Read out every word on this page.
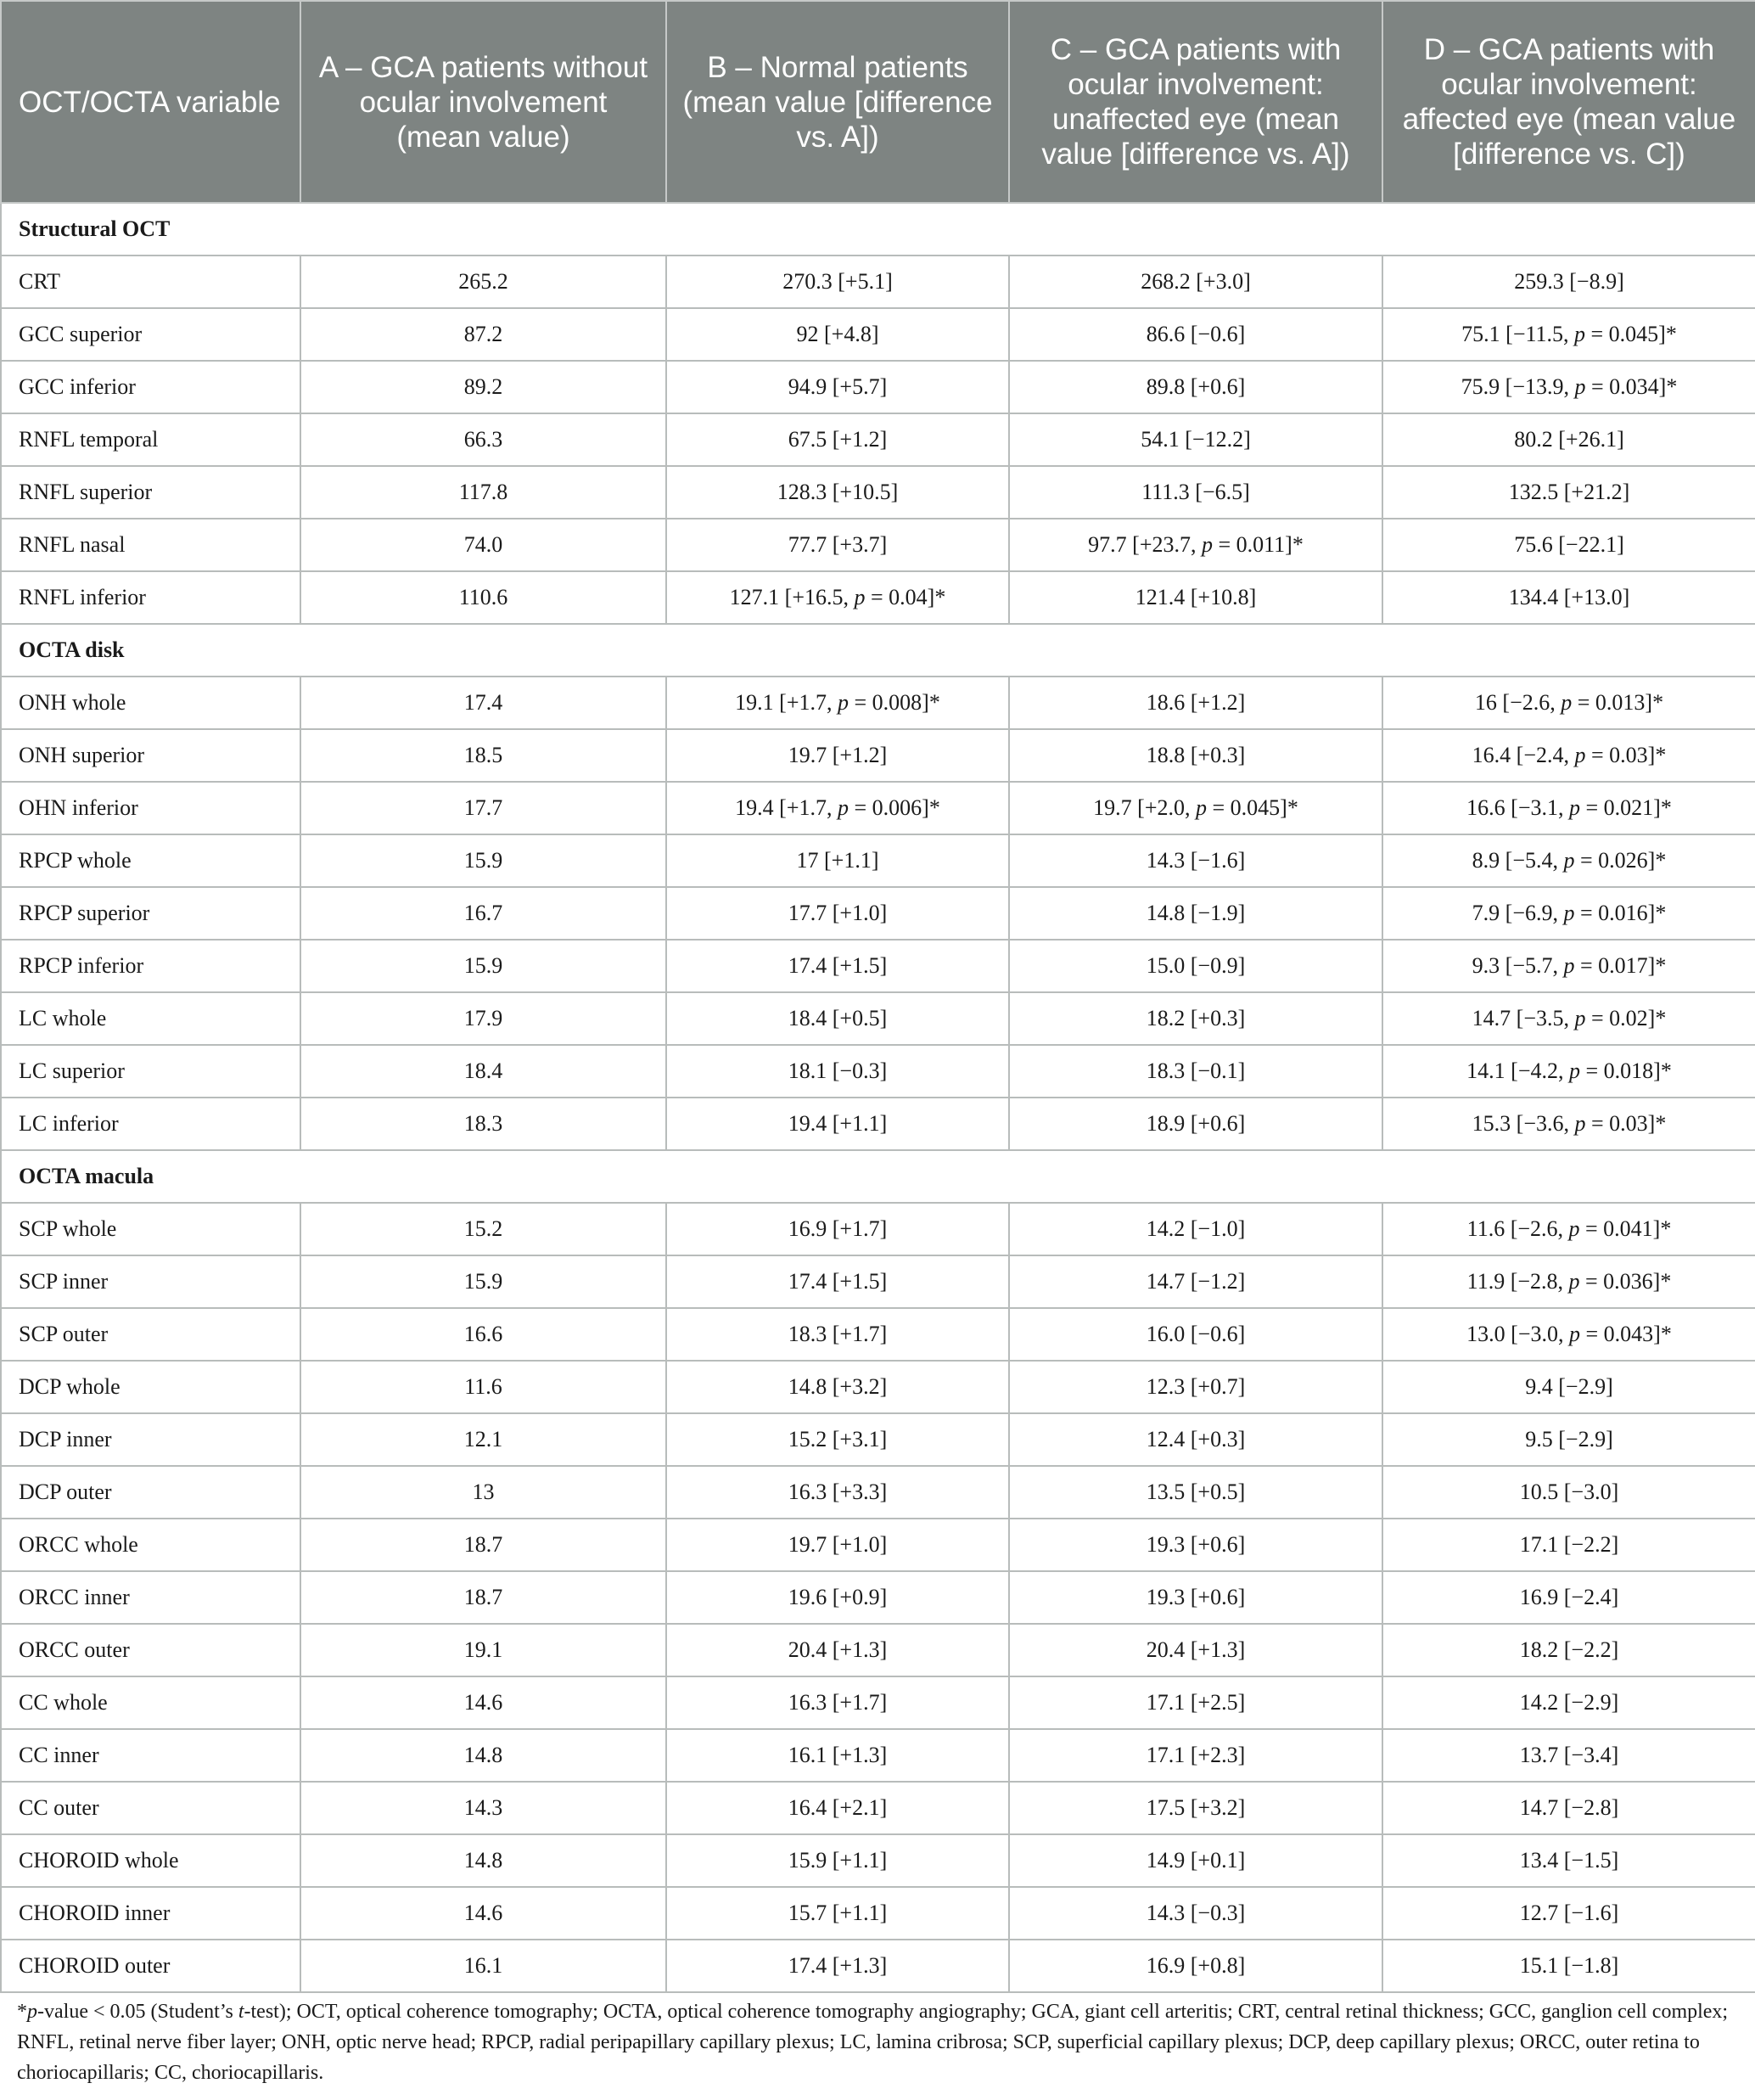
OCT/OCTA variable	A – GCA patients without ocular involvement (mean value)	B – Normal patients (mean value [difference vs. A])	C – GCA patients with ocular involvement: unaffected eye (mean value [difference vs. A])	D – GCA patients with ocular involvement: affected eye (mean value [difference vs. C])
Structural OCT				
CRT	265.2	270.3 [+5.1]	268.2 [+3.0]	259.3 [−8.9]
GCC superior	87.2	92 [+4.8]	86.6 [−0.6]	75.1 [−11.5, p = 0.045]*
GCC inferior	89.2	94.9 [+5.7]	89.8 [+0.6]	75.9 [−13.9, p = 0.034]*
RNFL temporal	66.3	67.5 [+1.2]	54.1 [−12.2]	80.2 [+26.1]
RNFL superior	117.8	128.3 [+10.5]	111.3 [−6.5]	132.5 [+21.2]
RNFL nasal	74.0	77.7 [+3.7]	97.7 [+23.7, p = 0.011]*	75.6 [−22.1]
RNFL inferior	110.6	127.1 [+16.5, p = 0.04]*	121.4 [+10.8]	134.4 [+13.0]
OCTA disk				
ONH whole	17.4	19.1 [+1.7, p = 0.008]*	18.6 [+1.2]	16 [−2.6, p = 0.013]*
ONH superior	18.5	19.7 [+1.2]	18.8 [+0.3]	16.4 [−2.4, p = 0.03]*
OHN inferior	17.7	19.4 [+1.7, p = 0.006]*	19.7 [+2.0, p = 0.045]*	16.6 [−3.1, p = 0.021]*
RPCP whole	15.9	17 [+1.1]	14.3 [−1.6]	8.9 [−5.4, p = 0.026]*
RPCP superior	16.7	17.7 [+1.0]	14.8 [−1.9]	7.9 [−6.9, p = 0.016]*
RPCP inferior	15.9	17.4 [+1.5]	15.0 [−0.9]	9.3 [−5.7, p = 0.017]*
LC whole	17.9	18.4 [+0.5]	18.2 [+0.3]	14.7 [−3.5, p = 0.02]*
LC superior	18.4	18.1 [−0.3]	18.3 [−0.1]	14.1 [−4.2, p = 0.018]*
LC inferior	18.3	19.4 [+1.1]	18.9 [+0.6]	15.3 [−3.6, p = 0.03]*
OCTA macula				
SCP whole	15.2	16.9 [+1.7]	14.2 [−1.0]	11.6 [−2.6, p = 0.041]*
SCP inner	15.9	17.4 [+1.5]	14.7 [−1.2]	11.9 [−2.8, p = 0.036]*
SCP outer	16.6	18.3 [+1.7]	16.0 [−0.6]	13.0 [−3.0, p = 0.043]*
DCP whole	11.6	14.8 [+3.2]	12.3 [+0.7]	9.4 [−2.9]
DCP inner	12.1	15.2 [+3.1]	12.4 [+0.3]	9.5 [−2.9]
DCP outer	13	16.3 [+3.3]	13.5 [+0.5]	10.5 [−3.0]
ORCC whole	18.7	19.7 [+1.0]	19.3 [+0.6]	17.1 [−2.2]
ORCC inner	18.7	19.6 [+0.9]	19.3 [+0.6]	16.9 [−2.4]
ORCC outer	19.1	20.4 [+1.3]	20.4 [+1.3]	18.2 [−2.2]
CC whole	14.6	16.3 [+1.7]	17.1 [+2.5]	14.2 [−2.9]
CC inner	14.8	16.1 [+1.3]	17.1 [+2.3]	13.7 [−3.4]
CC outer	14.3	16.4 [+2.1]	17.5 [+3.2]	14.7 [−2.8]
CHOROID whole	14.8	15.9 [+1.1]	14.9 [+0.1]	13.4 [−1.5]
CHOROID inner	14.6	15.7 [+1.1]	14.3 [−0.3]	12.7 [−1.6]
CHOROID outer	16.1	17.4 [+1.3]	16.9 [+0.8]	15.1 [−1.8]
*p-value < 0.05 (Student’s t-test); OCT, optical coherence tomography; OCTA, optical coherence tomography angiography; GCA, giant cell arteritis; CRT, central retinal thickness; GCC, ganglion cell complex; RNFL, retinal nerve fiber layer; ONH, optic nerve head; RPCP, radial peripapillary capillary plexus; LC, lamina cribrosa; SCP, superficial capillary plexus; DCP, deep capillary plexus; ORCC, outer retina to choriocapillaris; CC, choriocapillaris.
